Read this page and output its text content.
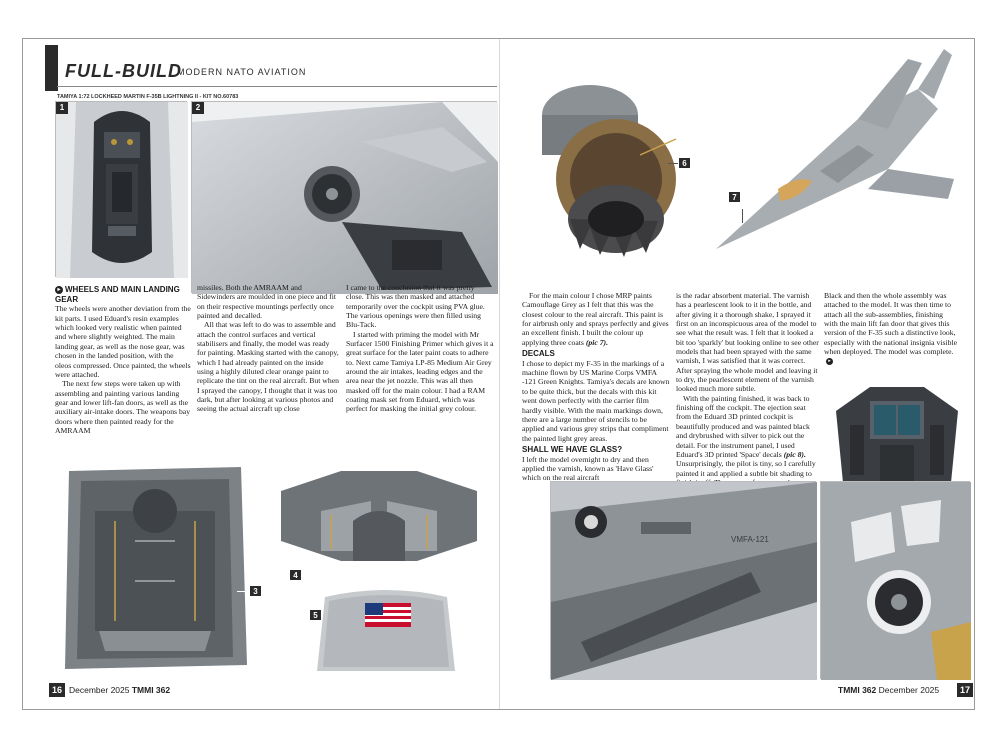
FULL-BUILD
MODERN NATO AVIATION
TAMIYA 1:72 LOCKHEED MARTIN F-35B LIGHTNING II - KIT NO.60783
1	2
▸ WHEELS AND MAIN LANDING GEAR

The wheels were another deviation from the kit parts. I used Eduard's resin examples which looked very realistic when painted and where slightly weighted. The main landing gear, as well as the nose gear, was chosen in the landed position, with the oleos compressed. Once painted, the wheels were attached.

The next few steps were taken up with assembling and painting various landing gear and lower lift-fan doors, as well as the auxiliary air-intake doors. The weapons bay doors where then painted ready for the AMRAAM

missiles. Both the AMRAAM and Sidewinders are moulded in one piece and fit on their respective mountings perfectly once painted and decalled.

All that was left to do was to assemble and attach the control surfaces and vertical stabilisers and finally, the model was ready for painting. Masking started with the canopy, which I had already painted on the inside using a highly diluted clear orange paint to replicate the tint on the real aircraft. But when I sprayed the canopy, I thought that it was too dark, but after looking at various photos and seeing the actual aircraft up close

I came to the conclusion that it was pretty close. This was then masked and attached temporarily over the cockpit using PVA glue. The various openings were then filled using Blu-Tack.

I started with priming the model with Mr Surfacer 1500 Finishing Primer which gives it a great surface for the later paint coats to adhere to. Next came Tamiya LP-85 Medium Air Grey around the air intakes, leading edges and the area near the jet nozzle. This was all then masked off for the main colour. I had a RAM coating mask set from Eduard, which was perfect for masking the initial grey colour.

3
4
5
16 December 2025 TMMI 362
6
7

For the main colour I chose MRP paints Camouflage Grey as I felt that this was the closest colour to the real aircraft. This paint is for airbrush only and sprays perfectly and gives an excellent finish. I built the colour up applying three coats (pic 7).

DECALS

I chose to depict my F-35 in the markings of a machine flown by US Marine Corps VMFA -121 Green Knights. Tamiya's decals are known to be quite thick, but the decals with this kit went down perfectly with the carrier film hardly visible. With the main markings down, there are a large number of stencils to be applied and various grey strips that compliment the painted light grey areas.

SHALL WE HAVE GLASS?

I left the model overnight to dry and then applied the varnish, known as 'Have Glass' which on the real aircraft

is the radar absorbent material. The varnish has a pearlescent look to it in the bottle, and after giving it a thorough shake, I sprayed it first on an inconspicuous area of the model to see what the result was. I felt that it looked a bit too 'sparkly' but looking online to see other models that had been sprayed with the same varnish, I was satisfied that it was correct. After spraying the whole model and leaving it to dry, the pearlescent element of the varnish looked much more subtle.

With the painting finished, it was back to finishing off the cockpit. The ejection seat from the Eduard 3D printed cockpit is beautifully produced and was painted black and drybrushed with silver to pick out the detail. For the instrument panel, I used Eduard's 3D printed 'Space' decals (pic 8). Unsurprisingly, the pilot is tiny, so I carefully painted it and applied a subtle bit shading to

Black and then the whole assembly was attached to the model. It was then time to attach all the sub-assemblies, finishing with the main lift fan door that gives this version of the F-35 such a distinctive look, especially with the national insignia visible when deployed. The model was complete.▸

VMFA-121
TMMI 362 December 2025	17
